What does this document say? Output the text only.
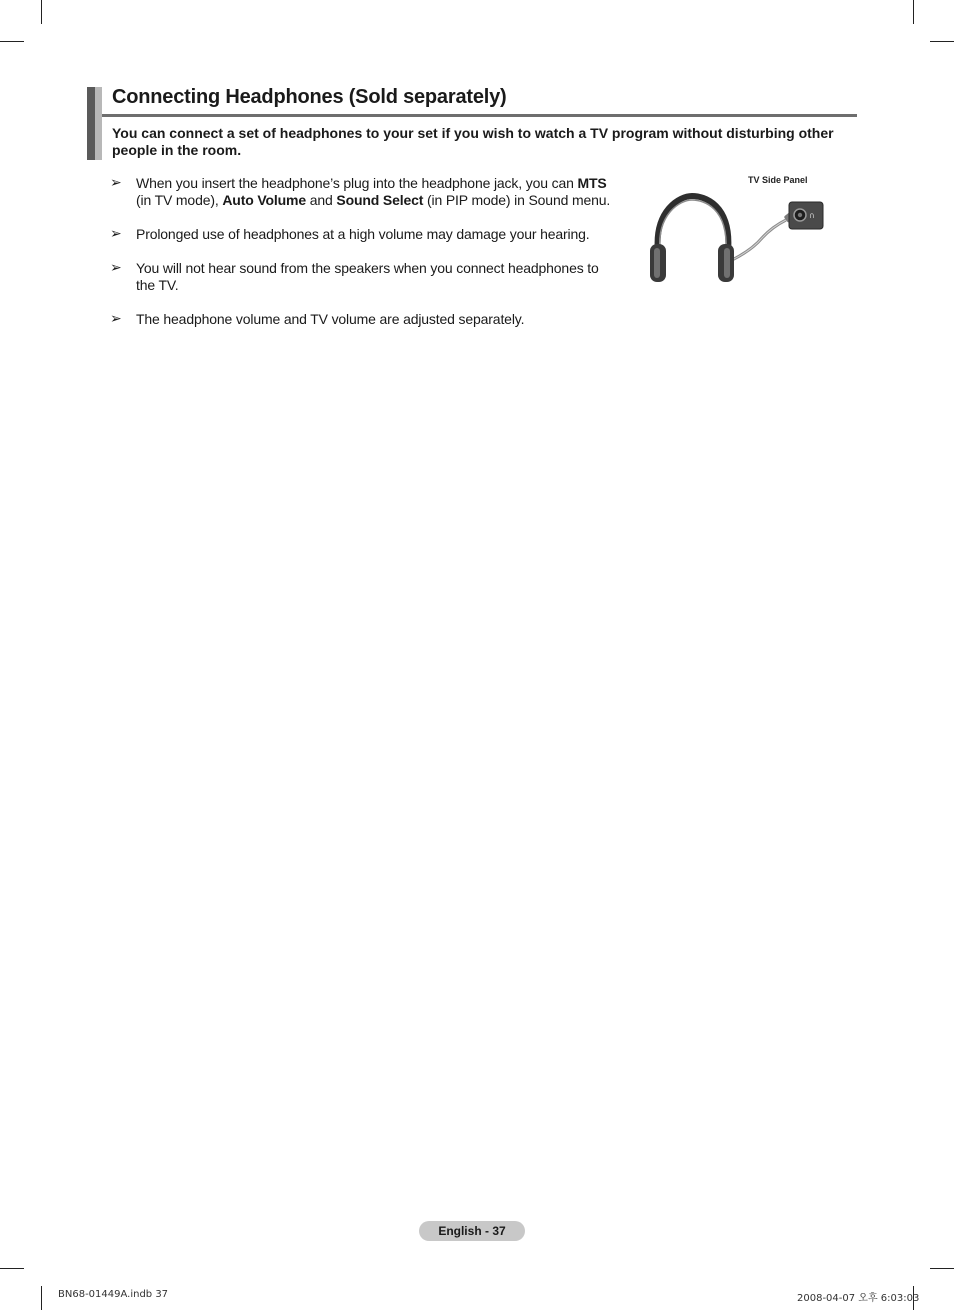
Connecting Headphones (Sold separately)

You can connect a set of headphones to your set if you wish to watch a TV program without disturbing other people in the room.

➢ When you insert the headphone’s plug into the headphone jack, you can MTS (in TV mode), Auto Volume and Sound Select (in PIP mode) in Sound menu.
➢ Prolonged use of headphones at a high volume may damage your hearing.
➢ You will not hear sound from the speakers when you connect headphones to the TV.
➢ The headphone volume and TV volume are adjusted separately.
∩
TV Side Panel
English - 37
BN68-01449A.indb 37	2008-04-07 오후 6:03:03
